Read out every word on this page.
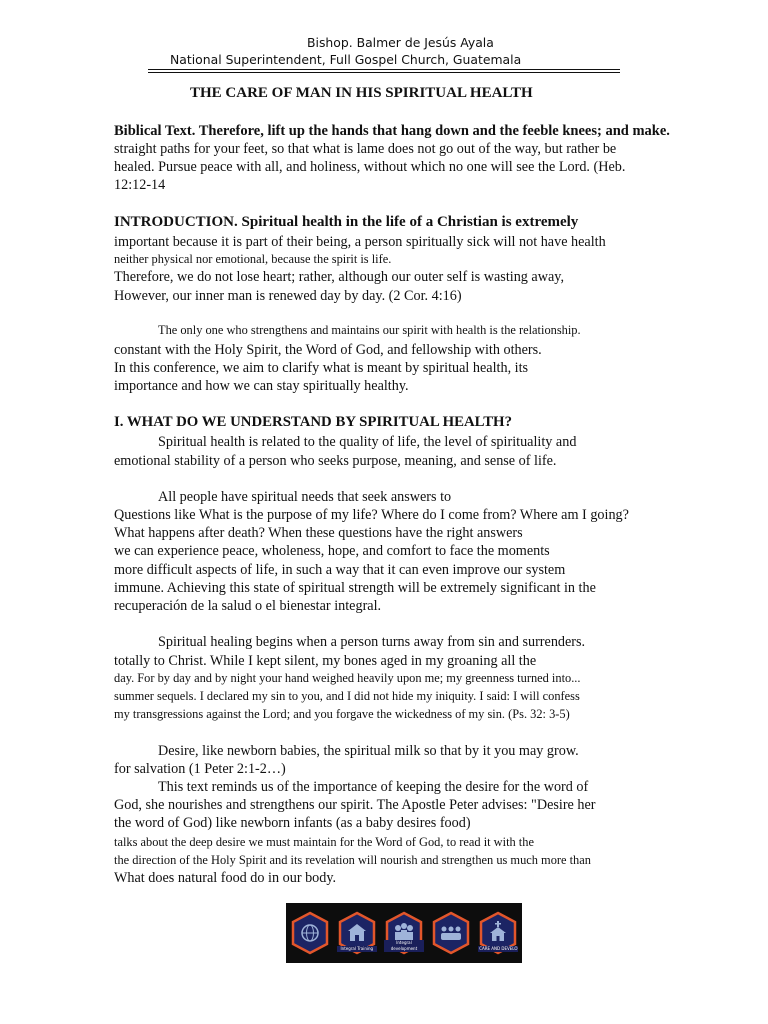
Bishop. Balmer de Jesús Ayala
National Superintendent, Full Gospel Church, Guatemala
THE CARE OF MAN IN HIS SPIRITUAL HEALTH
Biblical Text. Therefore, lift up the hands that hang down and the feeble knees; and make.
straight paths for your feet, so that what is lame does not go out of the way, but rather be
healed. Pursue peace with all, and holiness, without which no one will see the Lord. (Heb.
12:12-14
INTRODUCTION. Spiritual health in the life of a Christian is extremely
important because it is part of their being, a person spiritually sick will not have health
neither physical nor emotional, because the spirit is life.
Therefore, we do not lose heart; rather, although our outer self is wasting away,
However, our inner man is renewed day by day. (2 Cor. 4:16)
The only one who strengthens and maintains our spirit with health is the relationship.
constant with the Holy Spirit, the Word of God, and fellowship with others.
In this conference, we aim to clarify what is meant by spiritual health, its
importance and how we can stay spiritually healthy.
I. WHAT DO WE UNDERSTAND BY SPIRITUAL HEALTH?
Spiritual health is related to the quality of life, the level of spirituality and
emotional stability of a person who seeks purpose, meaning, and sense of life.
All people have spiritual needs that seek answers to
Questions like What is the purpose of my life? Where do I come from? Where am I going?
What happens after death? When these questions have the right answers
we can experience peace, wholeness, hope, and comfort to face the moments
more difficult aspects of life, in such a way that it can even improve our system
immune. Achieving this state of spiritual strength will be extremely significant in the
recuperación de la salud o el bienestar integral.
Spiritual healing begins when a person turns away from sin and surrenders.
totally to Christ. While I kept silent, my bones aged in my groaning all the
day. For by day and by night your hand weighed heavily upon me; my greenness turned into...
summer sequels. I declared my sin to you, and I did not hide my iniquity. I said: I will confess
my transgressions against the Lord; and you forgave the wickedness of my sin. (Ps. 32: 3-5)
Desire, like newborn babies, the spiritual milk so that by it you may grow.
for salvation (1 Peter 2:1-2…)
This text reminds us of the importance of keeping the desire for the word of
God, she nourishes and strengthens our spirit. The Apostle Peter advises: "Desire her
the word of God) like newborn infants (as a baby desires food)
talks about the deep desire we must maintain for the Word of God, to read it with the
the direction of the Holy Spirit and its revelation will nourish and strengthen us much more than
What does natural food do in our body.
Integral Training
Integral development	CARE AND DEVELO
